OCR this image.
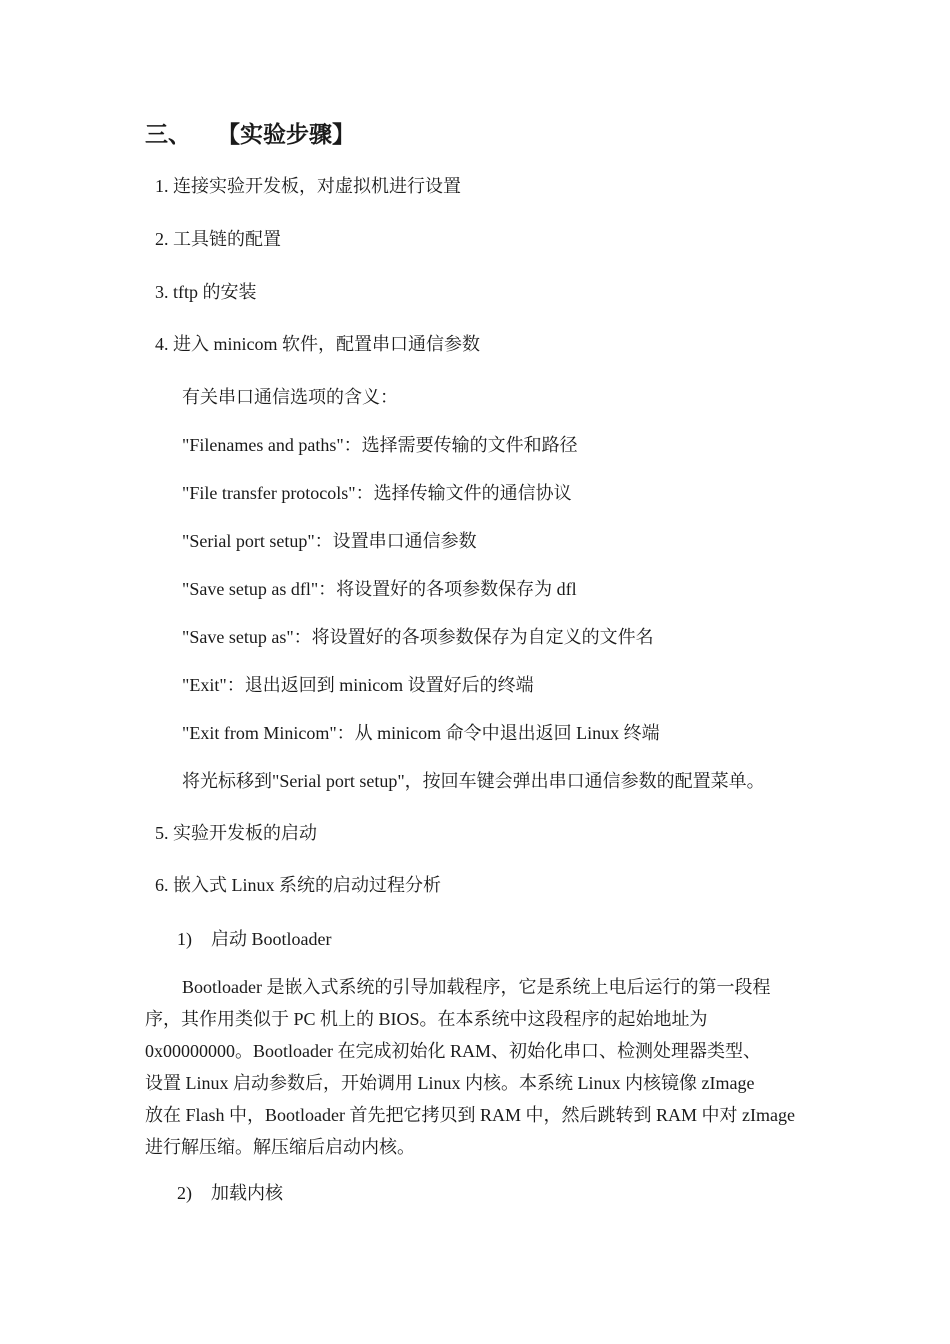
三、 【实验步骤】
1. 连接实验开发板，对虚拟机进行设置
2. 工具链的配置
3. tftp 的安装
4. 进入 minicom 软件，配置串口通信参数
有关串口通信选项的含义：
"Filenames and paths"：选择需要传输的文件和路径
"File transfer protocols"：选择传输文件的通信协议
"Serial port setup"：设置串口通信参数
"Save setup as dfl"：将设置好的各项参数保存为 dfl
"Save setup as"：将设置好的各项参数保存为自定义的文件名
"Exit"：退出返回到 minicom 设置好后的终端
"Exit from Minicom"：从 minicom 命令中退出返回 Linux 终端
将光标移到"Serial port setup"，按回车键会弹出串口通信参数的配置菜单。
5. 实验开发板的启动
6. 嵌入式 Linux 系统的启动过程分析
1) 启动 Bootloader
Bootloader 是嵌入式系统的引导加载程序，它是系统上电后运行的第一段程
序，其作用类似于 PC 机上的 BIOS。在本系统中这段程序的起始地址为
0x00000000。Bootloader 在完成初始化 RAM、初始化串口、检测处理器类型、
设置 Linux 启动参数后，开始调用 Linux 内核。本系统 Linux 内核镜像 zImage
放在 Flash 中，Bootloader 首先把它拷贝到 RAM 中，然后跳转到 RAM 中对 zImage
进行解压缩。解压缩后启动内核。
2) 加载内核
